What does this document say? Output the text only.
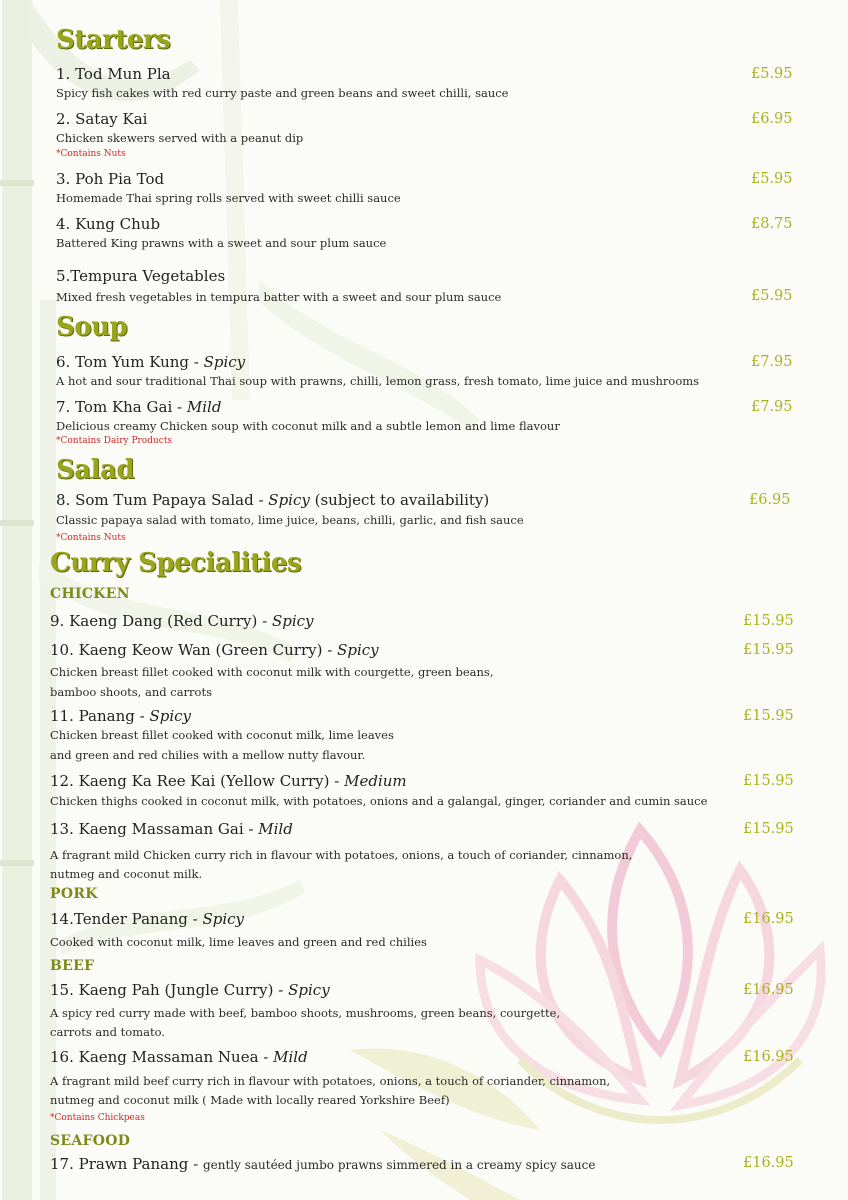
Starters
1. Tod Mun Pla
Spicy fish cakes with red curry paste and green beans and sweet chilli, sauce
£5.95
2. Satay Kai
Chicken skewers served with a peanut dip
*Contains Nuts
£6.95
3. Poh Pia Tod
Homemade Thai spring rolls served with sweet chilli sauce
£5.95
4. Kung Chub
Battered King prawns with a sweet and sour plum sauce
£8.75
5.Tempura Vegetables
Mixed fresh vegetables in tempura batter with a sweet and sour plum sauce	£5.95
Soup
6. Tom Yum Kung - Spicy
A hot and sour traditional Thai soup with prawns, chilli, lemon grass, fresh tomato, lime juice and mushrooms
£7.95
7. Tom Kha Gai - Mild
Delicious creamy Chicken soup with coconut milk and a subtle lemon and lime flavour
*Contains Dairy Products
£7.95
Salad
8. Som Tum Papaya Salad - Spicy (subject to availability)
Classic papaya salad with tomato, lime juice, beans, chilli, garlic, and fish sauce
*Contains Nuts
£6.95
Curry Specialities
CHICKEN
9. Kaeng Dang (Red Curry) - Spicy	£15.95
10. Kaeng Keow Wan (Green Curry) - Spicy
Chicken breast fillet cooked with coconut milk with courgette, green beans,
bamboo shoots, and carrots
£15.95
11. Panang - Spicy
Chicken breast fillet cooked with coconut milk, lime leaves
and green and red chilies with a mellow nutty flavour.
£15.95
12. Kaeng Ka Ree Kai (Yellow Curry) - Medium
Chicken thighs cooked in coconut milk, with potatoes, onions and a galangal, ginger, coriander and cumin sauce
£15.95
13. Kaeng Massaman Gai - Mild
A fragrant mild Chicken curry rich in flavour with potatoes, onions, a touch of coriander, cinnamon,
nutmeg and coconut milk.
£15.95
PORK
14.Tender Panang - Spicy
Cooked with coconut milk, lime leaves and green and red chilies
£16.95
BEEF
15. Kaeng Pah (Jungle Curry) - Spicy
A spicy red curry made with beef, bamboo shoots, mushrooms, green beans, courgette,
carrots and tomato.
£16.95
16. Kaeng Massaman Nuea - Mild
A fragrant mild beef curry rich in flavour with potatoes, onions, a touch of coriander, cinnamon,
nutmeg and coconut milk ( Made with locally reared Yorkshire Beef)
*Contains Chickpeas
£16.95
SEAFOOD
17. Prawn Panang - gently sautéed jumbo prawns simmered in a creamy spicy sauce	£16.95
